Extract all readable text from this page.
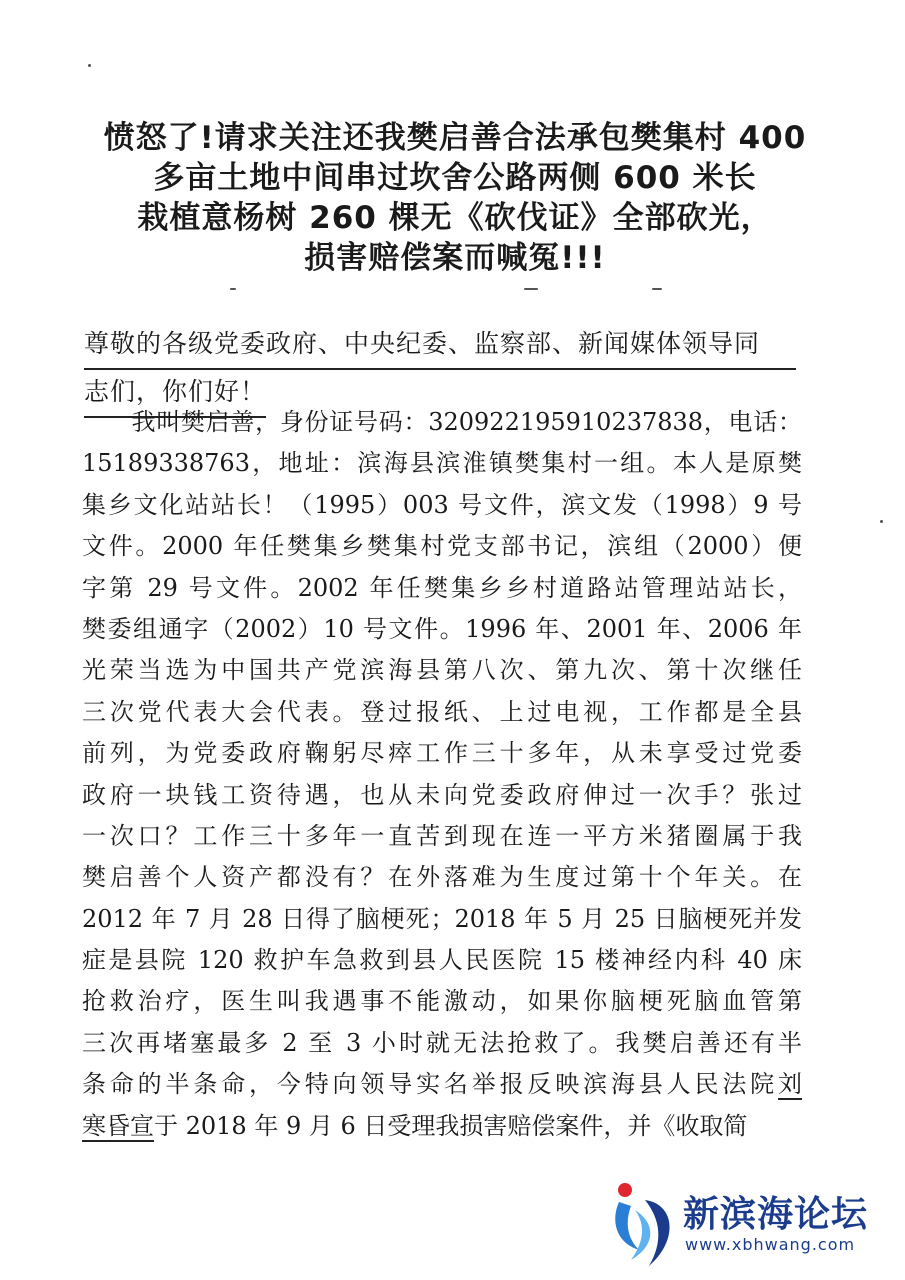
愤怒了!请求关注还我樊启善合法承包樊集村 400
多亩土地中间串过坎舍公路两侧 600 米长
栽植意杨树 260 棵无《砍伐证》全部砍光，
损害赔偿案而喊冤!!!
尊敬的各级党委政府、中央纪委、监察部、新闻媒体领导同
志们，你们好！
　　我叫樊启善，身份证号码：320922195910237838，电话：
15189338763，地址：滨海县滨淮镇樊集村一组。本人是原樊
集乡文化站站长！（1995）003 号文件，滨文发（1998）9 号
文件。2000 年任樊集乡樊集村党支部书记，滨组（2000）便
字第 29 号文件。2002 年任樊集乡乡村道路站管理站站长，
樊委组通字（2002）10 号文件。1996 年、2001 年、2006 年
光荣当选为中国共产党滨海县第八次、第九次、第十次继任
三次党代表大会代表。登过报纸、上过电视，工作都是全县
前列，为党委政府鞠躬尽瘁工作三十多年，从未享受过党委
政府一块钱工资待遇，也从未向党委政府伸过一次手？张过
一次口？工作三十多年一直苦到现在连一平方米猪圈属于我
樊启善个人资产都没有？在外落难为生度过第十个年关。在
2012 年 7 月 28 日得了脑梗死；2018 年 5 月 25 日脑梗死并发
症是县院 120 救护车急救到县人民医院 15 楼神经内科 40 床
抢救治疗，医生叫我遇事不能激动，如果你脑梗死脑血管第
三次再堵塞最多 2 至 3 小时就无法抢救了。我樊启善还有半
条命的半条命，今特向领导实名举报反映滨海县人民法院刘
寒昏宣于 2018 年 9 月 6 日受理我损害赔偿案件，并《收取简
新滨海论坛
www.xbhwang.com
